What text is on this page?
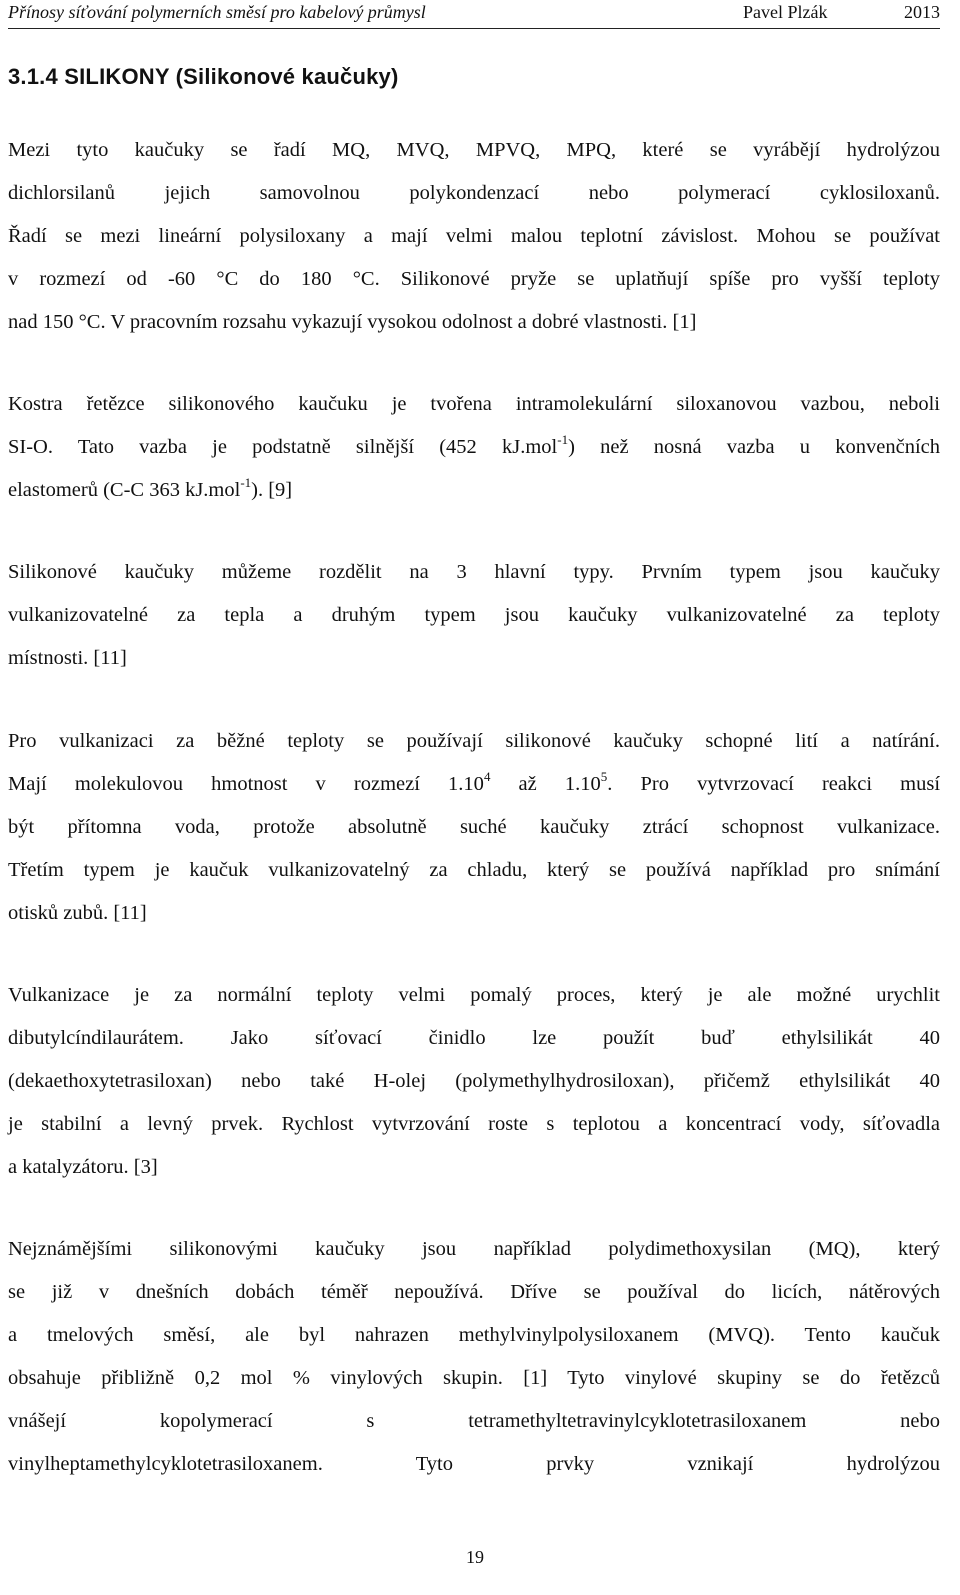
Přínosy síťování polymerních směsí pro kabelový průmysl	Pavel Plzák	2013
3.1.4 SILIKONY (Silikonové kaučuky)
Mezi tyto kaučuky se řadí MQ, MVQ, MPVQ, MPQ, které se vyrábějí hydrolýzou
dichlorsilanů jejich samovolnou polykondenzací nebo polymerací cyklosiloxanů.
Řadí se mezi lineární polysiloxany a mají velmi malou teplotní závislost. Mohou se používat
v rozmezí od -60 °C do 180 °C. Silikonové pryže se uplatňují spíše pro vyšší teploty
nad 150 °C. V pracovním rozsahu vykazují vysokou odolnost a dobré vlastnosti. [1]
Kostra řetězce silikonového kaučuku je tvořena intramolekulární siloxanovou vazbou, neboli
SI-O. Tato vazba je podstatně silnější (452 kJ.mol$^{-1}$) než nosná vazba u konvenčních
elastomerů (C-C 363 kJ.mol$^{-1}$). [9]
Silikonové kaučuky můžeme rozdělit na 3 hlavní typy. Prvním typem jsou kaučuky
vulkanizovatelné za tepla a druhým typem jsou kaučuky vulkanizovatelné za teploty
místnosti. [11]
Pro vulkanizaci za běžné teploty se používají silikonové kaučuky schopné lití a natírání.
Mají molekulovou hmotnost v rozmezí 1.10$^4$ až 1.10$^5$. Pro vytvrzovací reakci musí
být přítomna voda, protože absolutně suché kaučuky ztrácí schopnost vulkanizace.
Třetím typem je kaučuk vulkanizovatelný za chladu, který se používá například pro snímání
otisků zubů. [11]
Vulkanizace je za normální teploty velmi pomalý proces, který je ale možné urychlit
dibutylcíndilaurátem. Jako síťovací činidlo lze použít buď ethylsilikát 40
(dekaethoxytetrasiloxan) nebo také H-olej (polymethylhydrosiloxan), přičemž ethylsilikát 40
je stabilní a levný prvek. Rychlost vytvrzování roste s teplotou a koncentrací vody, síťovadla
a katalyzátoru. [3]
Nejznámějšími silikonovými kaučuky jsou například polydimethoxysilan (MQ), který
se již v dnešních dobách téměř nepoužívá. Dříve se používal do licích, nátěrových
a tmelových směsí, ale byl nahrazen methylvinylpolysiloxanem (MVQ). Tento kaučuk
obsahuje přibližně 0,2 mol % vinylových skupin. [1] Tyto vinylové skupiny se do řetězců
vnášejí kopolymerací s tetramethyltetravinylcyklotetrasiloxanem nebo
vinylheptamethylcyklotetrasiloxanem. Tyto prvky vznikají hydrolýzou
19
